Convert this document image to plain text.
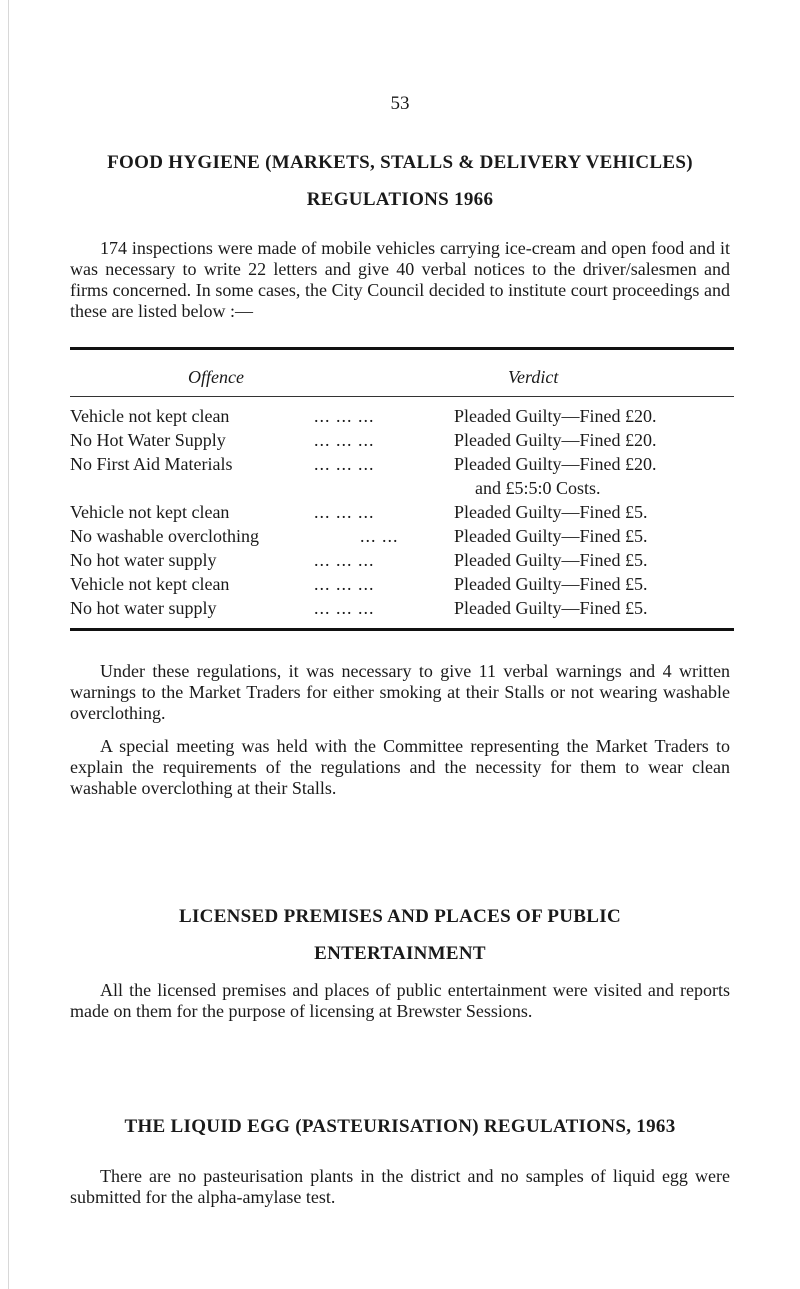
53
FOOD HYGIENE (MARKETS, STALLS & DELIVERY VEHICLES)
REGULATIONS 1966

174 inspections were made of mobile vehicles carrying ice-cream and open food and it was necessary to write 22 letters and give 40 verbal notices to the driver/salesmen and firms concerned. In some cases, the City Council decided to institute court proceedings and these are listed below :—

Offence	Verdict
Vehicle not kept clean	... ... ...	Pleaded Guilty—Fined £20.
No Hot Water Supply	... ... ...	Pleaded Guilty—Fined £20.
No First Aid Materials	... ... ...	Pleaded Guilty—Fined £20.
and £5:5:0 Costs.
Vehicle not kept clean	... ... ...	Pleaded Guilty—Fined £5.
No washable overclothing	... ...	Pleaded Guilty—Fined £5.
No hot water supply	... ... ...	Pleaded Guilty—Fined £5.
Vehicle not kept clean	... ... ...	Pleaded Guilty—Fined £5.
No hot water supply	... ... ...	Pleaded Guilty—Fined £5.

Under these regulations, it was necessary to give 11 verbal warnings and 4 written warnings to the Market Traders for either smoking at their Stalls or not wearing washable overclothing.

A special meeting was held with the Committee representing the Market Traders to explain the requirements of the regulations and the necessity for them to wear clean washable overclothing at their Stalls.

LICENSED PREMISES AND PLACES OF PUBLIC
ENTERTAINMENT

All the licensed premises and places of public entertainment were visited and reports made on them for the purpose of licensing at Brewster Sessions.

THE LIQUID EGG (PASTEURISATION) REGULATIONS, 1963

There are no pasteurisation plants in the district and no samples of liquid egg were submitted for the alpha-amylase test.
